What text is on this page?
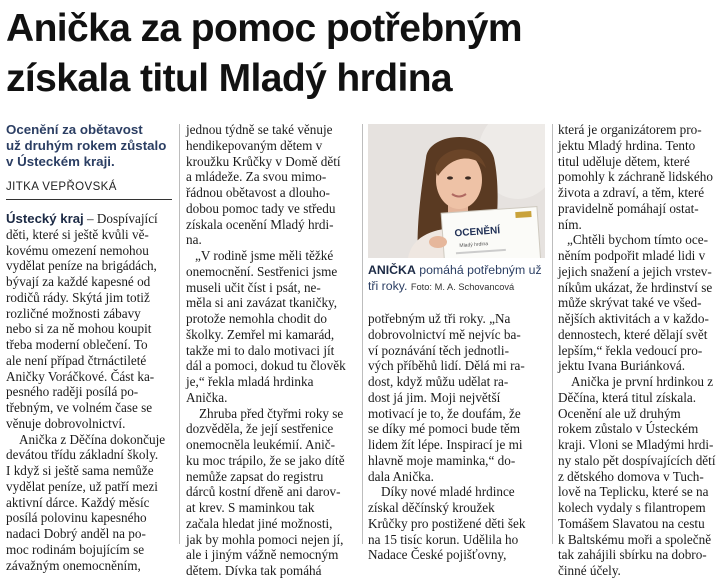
Anička za pomoc potřebným
získala titul Mladý hrdina
Ocenění za obětavost
už druhým rokem zůstalo
v Ústeckém kraji.
JITKA VEPŘOVSKÁ

Ústecký kraj – Dospívající
děti, které si ještě kvůli vě-
kovému omezení nemohou
vydělat peníze na brigádách,
bývají za každé kapesné od
rodičů rády. Skýtá jim totiž
rozličné možnosti zábavy
nebo si za ně mohou koupit
třeba moderní oblečení. To
ale není případ čtrnáctileté
Aničky Voráčkové. Část ka-
pesného raději posílá po-
třebným, ve volném čase se
věnuje dobrovolnictví.

Anička z Děčína dokončuje
devátou třídu základní školy.
I když si ještě sama nemůže
vydělat peníze, už patří mezi
aktivní dárce. Každý měsíc
posílá polovinu kapesného
nadaci Dobrý anděl na po-
moc rodinám bojujícím se
závažným onemocněním,

jednou týdně se také věnuje
hendikepovaným dětem v
kroužku Krůčky v Domě dětí
a mládeže. Za svou mimo-
řádnou obětavost a dlouho-
dobou pomoc tady ve středu
získala ocenění Mladý hrdi-
na.

„V rodině jsme měli těžké
onemocnění. Sestřenici jsme
museli učit číst i psát, ne-
měla si ani zavázat tkaničky,
protože nemohla chodit do
školky. Zemřel mi kamarád,
takže mi to dalo motivaci jít
dál a pomoci, dokud tu člověk
je,“ řekla mladá hrdinka
Anička.

Zhruba před čtyřmi roky se
dozvěděla, že její sestřenice
onemocněla leukémií. Anič-
ku moc trápilo, že se jako dítě
nemůže zapsat do registru
dárců kostní dřeně ani darov-
at krev. S maminkou tak
začala hledat jiné možnosti,
jak by mohla pomoci nejen jí,
ale i jiným vážně nemocným
dětem. Dívka tak pomáhá

OCENĚNÍ
Mladý hrdina
ANIČKA pomáhá potřebným už
tři roky. Foto: M. A. Schovancová

potřebným už tři roky. „Na
dobrovolnictví mě nejvíc ba-
ví poznávání těch jednotli-
vých příběhů lidí. Dělá mi ra-
dost, když můžu udělat ra-
dost já jim. Moji největší
motivací je to, že doufám, že
se díky mé pomoci bude těm
lidem žít lépe. Inspirací je mi
hlavně moje maminka,“ do-
dala Anička.

Díky nové mladé hrdince
získal děčínský kroužek
Krůčky pro postižené děti šek
na 15 tisíc korun. Udělila ho
Nadace České pojišťovny,

která je organizátorem pro-
jektu Mladý hrdina. Tento
titul uděluje dětem, které
pomohly k záchraně lidského
života a zdraví, a těm, které
pravidelně pomáhají ostat-
ním.

„Chtěli bychom tímto oce-
něním podpořit mladé lidi v
jejich snažení a jejich vrstev-
níkům ukázat, že hrdinství se
může skrývat také ve všed-
nějších aktivitách a v každo-
dennostech, které dělají svět
lepším,“ řekla vedoucí pro-
jektu Ivana Buriánková.

Anička je první hrdinkou z
Děčína, která titul získala.
Ocenění ale už druhým
rokem zůstalo v Ústeckém
kraji. Vloni se Mladými hrdi-
ny stalo pět dospívajících dětí
z dětského domova v Tuch-
lově na Teplicku, které se na
kolech vydaly s filantropem
Tomášem Slavatou na cestu
k Baltskému moři a společně
tak zahájili sbírku na dobro-
činné účely.
